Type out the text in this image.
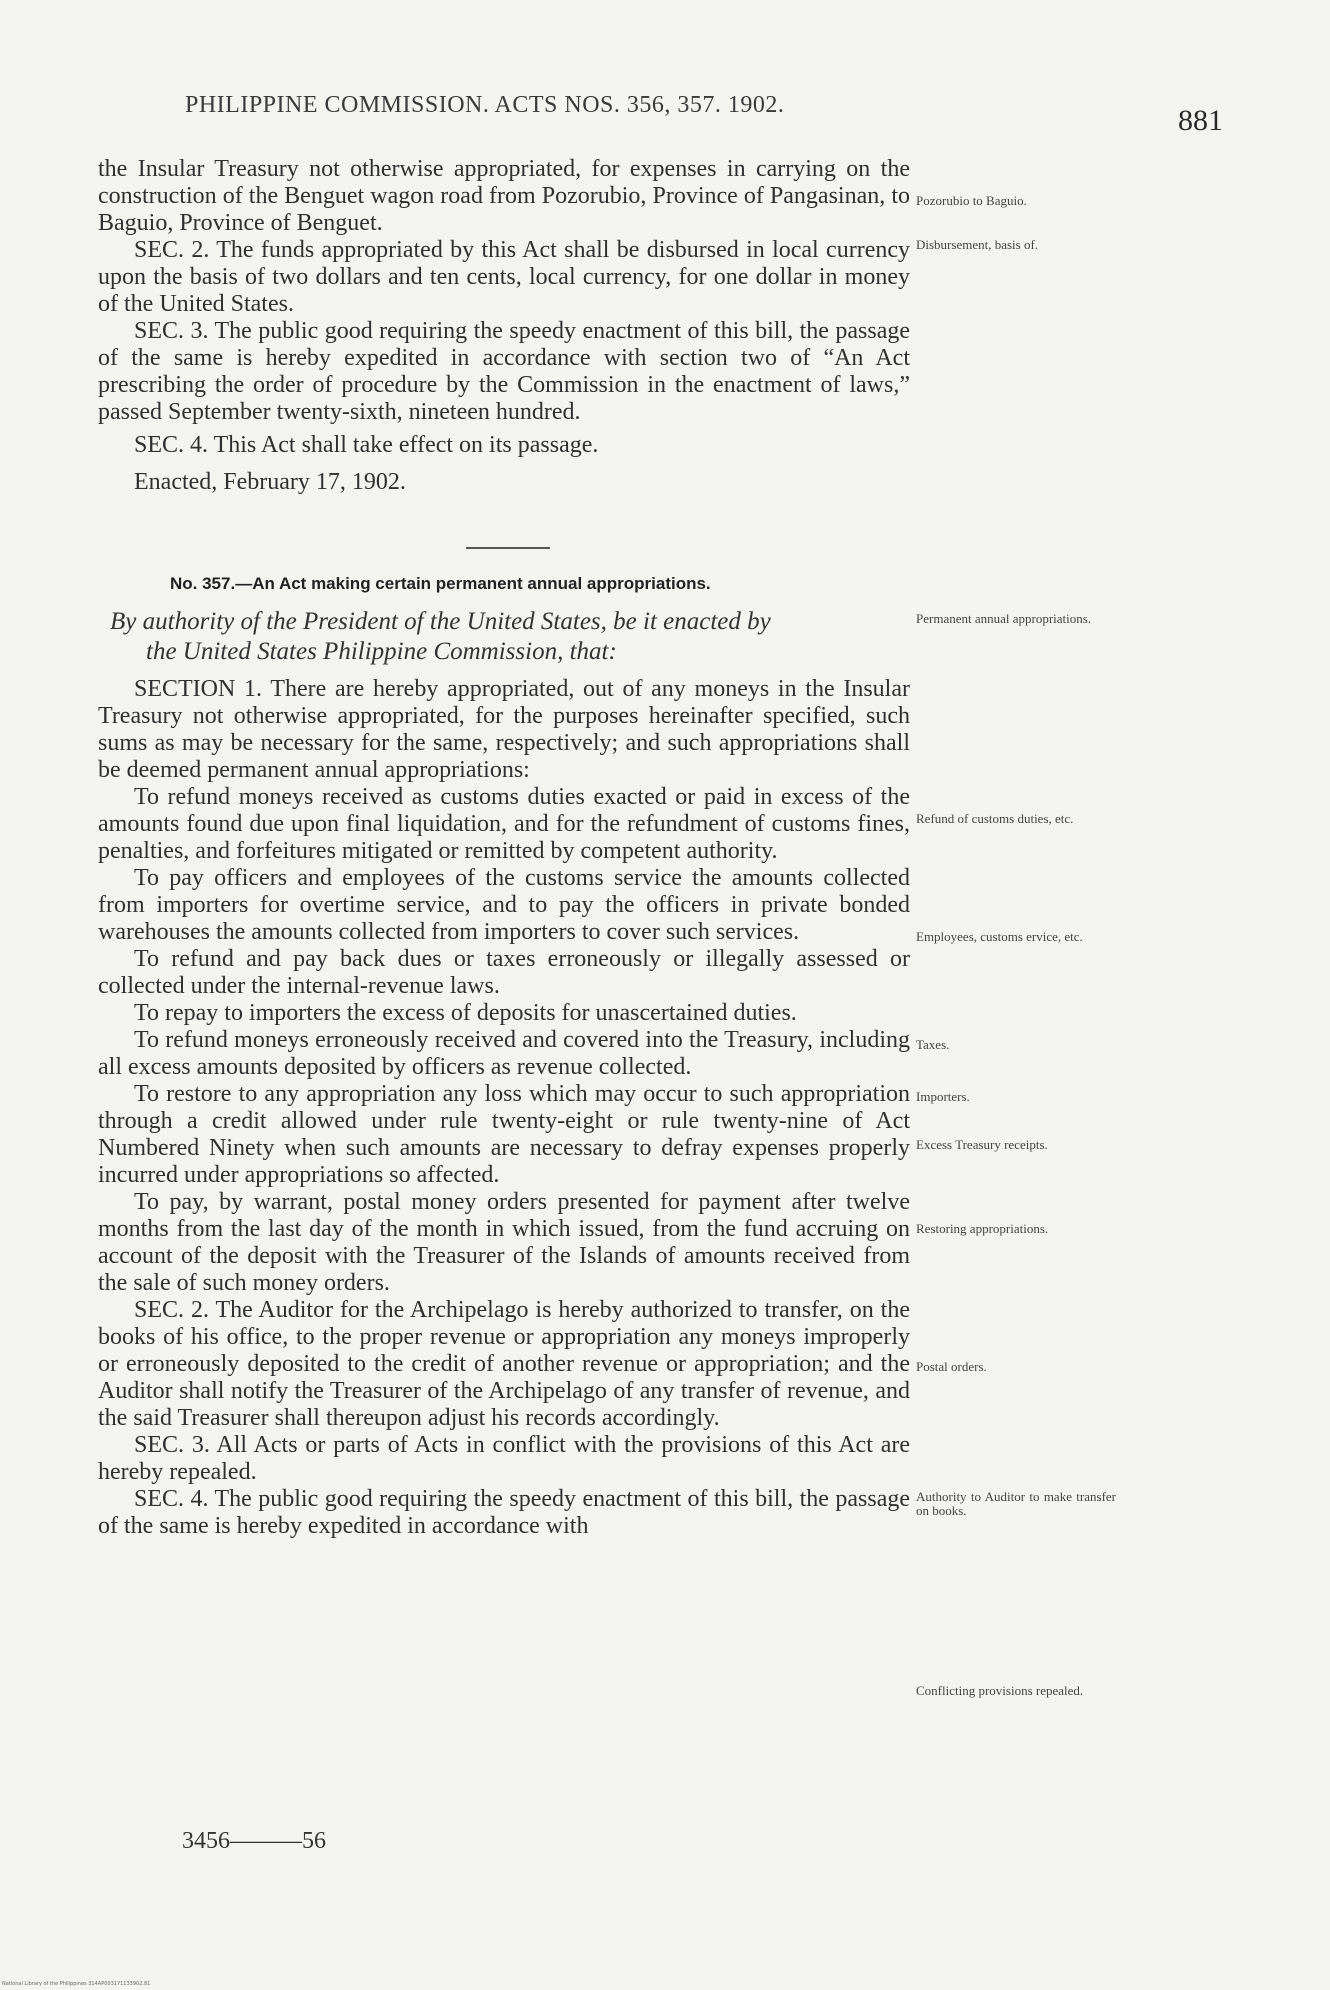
PHILIPPINE COMMISSION. ACTS NOS. 356, 357. 1902.	881

the Insular Treasury not otherwise appropriated, for expenses in carrying on the construction of the Benguet wagon road from Pozorubio, Province of Pangasinan, to Baguio, Province of Benguet.

SEC. 2. The funds appropriated by this Act shall be disbursed in local currency upon the basis of two dollars and ten cents, local currency, for one dollar in money of the United States.

SEC. 3. The public good requiring the speedy enactment of this bill, the passage of the same is hereby expedited in accordance with section two of “An Act prescribing the order of procedure by the Commission in the enactment of laws,” passed September twenty-sixth, nineteen hundred.

SEC. 4. This Act shall take effect on its passage.

Enacted, February 17, 1902.

Pozorubio to Baguio.
Disbursement, basis of.
No. 357.—An Act making certain permanent annual appropriations.

By authority of the President of the United States, be it enacted by

the United States Philippine Commission, that:

Permanent annual appropriations.

SECTION 1. There are hereby appropriated, out of any moneys in the Insular Treasury not otherwise appropriated, for the purposes hereinafter specified, such sums as may be necessary for the same, respectively; and such appropriations shall be deemed permanent annual appropriations:

To refund moneys received as customs duties exacted or paid in excess of the amounts found due upon final liquidation, and for the refundment of customs fines, penalties, and forfeitures mitigated or remitted by competent authority.

To pay officers and employees of the customs service the amounts collected from importers for overtime service, and to pay the officers in private bonded warehouses the amounts collected from importers to cover such services.

To refund and pay back dues or taxes erroneously or illegally assessed or collected under the internal-revenue laws.

To repay to importers the excess of deposits for unascertained duties.

To refund moneys erroneously received and covered into the Treasury, including all excess amounts deposited by officers as revenue collected.

To restore to any appropriation any loss which may occur to such appropriation through a credit allowed under rule twenty-eight or rule twenty-nine of Act Numbered Ninety when such amounts are necessary to defray expenses properly incurred under appropriations so affected.

To pay, by warrant, postal money orders presented for payment after twelve months from the last day of the month in which issued, from the fund accruing on account of the deposit with the Treasurer of the Islands of amounts received from the sale of such money orders.

SEC. 2. The Auditor for the Archipelago is hereby authorized to transfer, on the books of his office, to the proper revenue or appropriation any moneys improperly or erroneously deposited to the credit of another revenue or appropriation; and the Auditor shall notify the Treasurer of the Archipelago of any transfer of revenue, and the said Treasurer shall thereupon adjust his records accordingly.

SEC. 3. All Acts or parts of Acts in conflict with the provisions of this Act are hereby repealed.

SEC. 4. The public good requiring the speedy enactment of this bill, the passage of the same is hereby expedited in accordance with

Refund of customs duties, etc.
Employees, customs ervice, etc.
Taxes.
Importers.
Excess Treasury receipts.
Restoring appropriations.
Postal orders.
Authority to Auditor to make transfer on books.
Conflicting provisions repealed.
3456———56
National Library of the Philippines 314AP003171133902.81
